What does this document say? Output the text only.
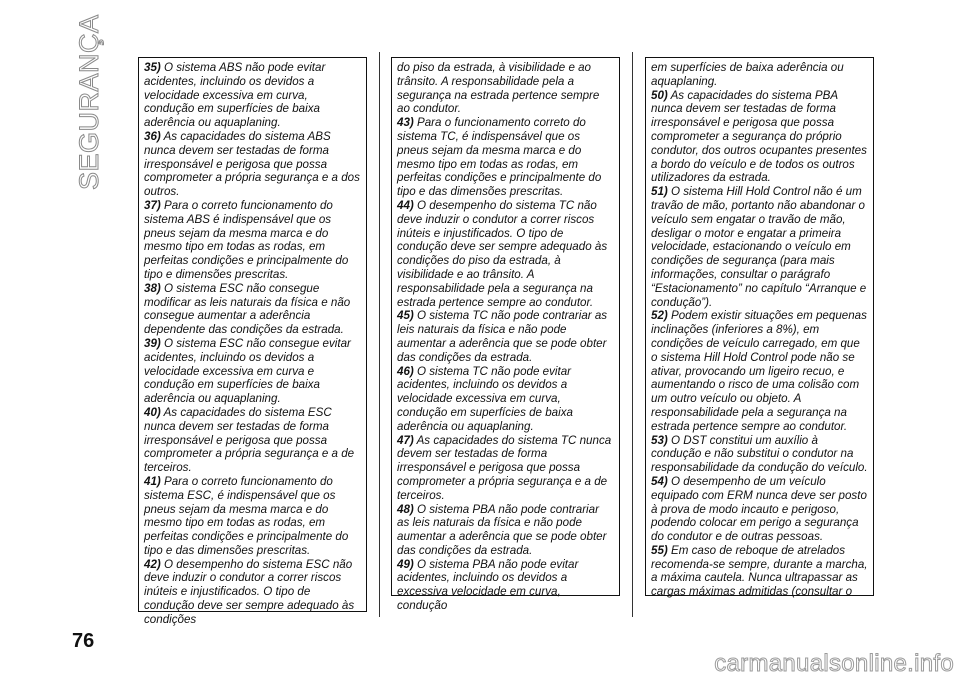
SEGURANÇA	35) O sistema ABS não pode evitar acidentes, incluindo os devidos a velocidade excessiva em curva, condução em superfícies de baixa aderência ou aquaplaning.

36) As capacidades do sistema ABS nunca devem ser testadas de forma irresponsável e perigosa que possa comprometer a própria segurança e a dos outros.

37) Para o correto funcionamento do sistema ABS é indispensável que os pneus sejam da mesma marca e do mesmo tipo em todas as rodas, em perfeitas condições e principalmente do tipo e dimensões prescritas.

38) O sistema ESC não consegue modificar as leis naturais da física e não consegue aumentar a aderência dependente das condições da estrada.

39) O sistema ESC não consegue evitar acidentes, incluindo os devidos a velocidade excessiva em curva e condução em superfícies de baixa aderência ou aquaplaning.

40) As capacidades do sistema ESC nunca devem ser testadas de forma irresponsável e perigosa que possa comprometer a própria segurança e a de terceiros.

41) Para o correto funcionamento do sistema ESC, é indispensável que os pneus sejam da mesma marca e do mesmo tipo em todas as rodas, em perfeitas condições e principalmente do tipo e das dimensões prescritas.

42) O desempenho do sistema ESC não deve induzir o condutor a correr riscos inúteis e injustificados. O tipo de condução deve ser sempre adequado às condições

do piso da estrada, à visibilidade e ao trânsito. A responsabilidade pela a segurança na estrada pertence sempre ao condutor.

43) Para o funcionamento correto do sistema TC, é indispensável que os pneus sejam da mesma marca e do mesmo tipo em todas as rodas, em perfeitas condições e principalmente do tipo e das dimensões prescritas.

44) O desempenho do sistema TC não deve induzir o condutor a correr riscos inúteis e injustificados. O tipo de condução deve ser sempre adequado às condições do piso da estrada, à visibilidade e ao trânsito. A responsabilidade pela a segurança na estrada pertence sempre ao condutor.

45) O sistema TC não pode contrariar as leis naturais da física e não pode aumentar a aderência que se pode obter das condições da estrada.

46) O sistema TC não pode evitar acidentes, incluindo os devidos a velocidade excessiva em curva, condução em superfícies de baixa aderência ou aquaplaning.

47) As capacidades do sistema TC nunca devem ser testadas de forma irresponsável e perigosa que possa comprometer a própria segurança e a de terceiros.

48) O sistema PBA não pode contrariar as leis naturais da física e não pode aumentar a aderência que se pode obter das condições da estrada.

49) O sistema PBA não pode evitar acidentes, incluindo os devidos a excessiva velocidade em curva, condução

em superfícies de baixa aderência ou aquaplaning.

50) As capacidades do sistema PBA nunca devem ser testadas de forma irresponsável e perigosa que possa comprometer a segurança do próprio condutor, dos outros ocupantes presentes a bordo do veículo e de todos os outros utilizadores da estrada.

51) O sistema Hill Hold Control não é um travão de mão, portanto não abandonar o veículo sem engatar o travão de mão, desligar o motor e engatar a primeira velocidade, estacionando o veículo em condições de segurança (para mais informações, consultar o parágrafo “Estacionamento” no capítulo “Arranque e condução”).

52) Podem existir situações em pequenas inclinações (inferiores a 8%), em condições de veículo carregado, em que o sistema Hill Hold Control pode não se ativar, provocando um ligeiro recuo, e aumentando o risco de uma colisão com um outro veículo ou objeto. A responsabilidade pela a segurança na estrada pertence sempre ao condutor.

53) O DST constitui um auxílio à condução e não substitui o condutor na responsabilidade da condução do veículo.

54) O desempenho de um veículo equipado com ERM nunca deve ser posto à prova de modo incauto e perigoso, podendo colocar em perigo a segurança do condutor e de outras pessoas.

55) Em caso de reboque de atrelados recomenda-se sempre, durante a marcha, a máxima cautela. Nunca ultrapassar as cargas máximas admitidas (consultar o

76
carmanualsonline.info
